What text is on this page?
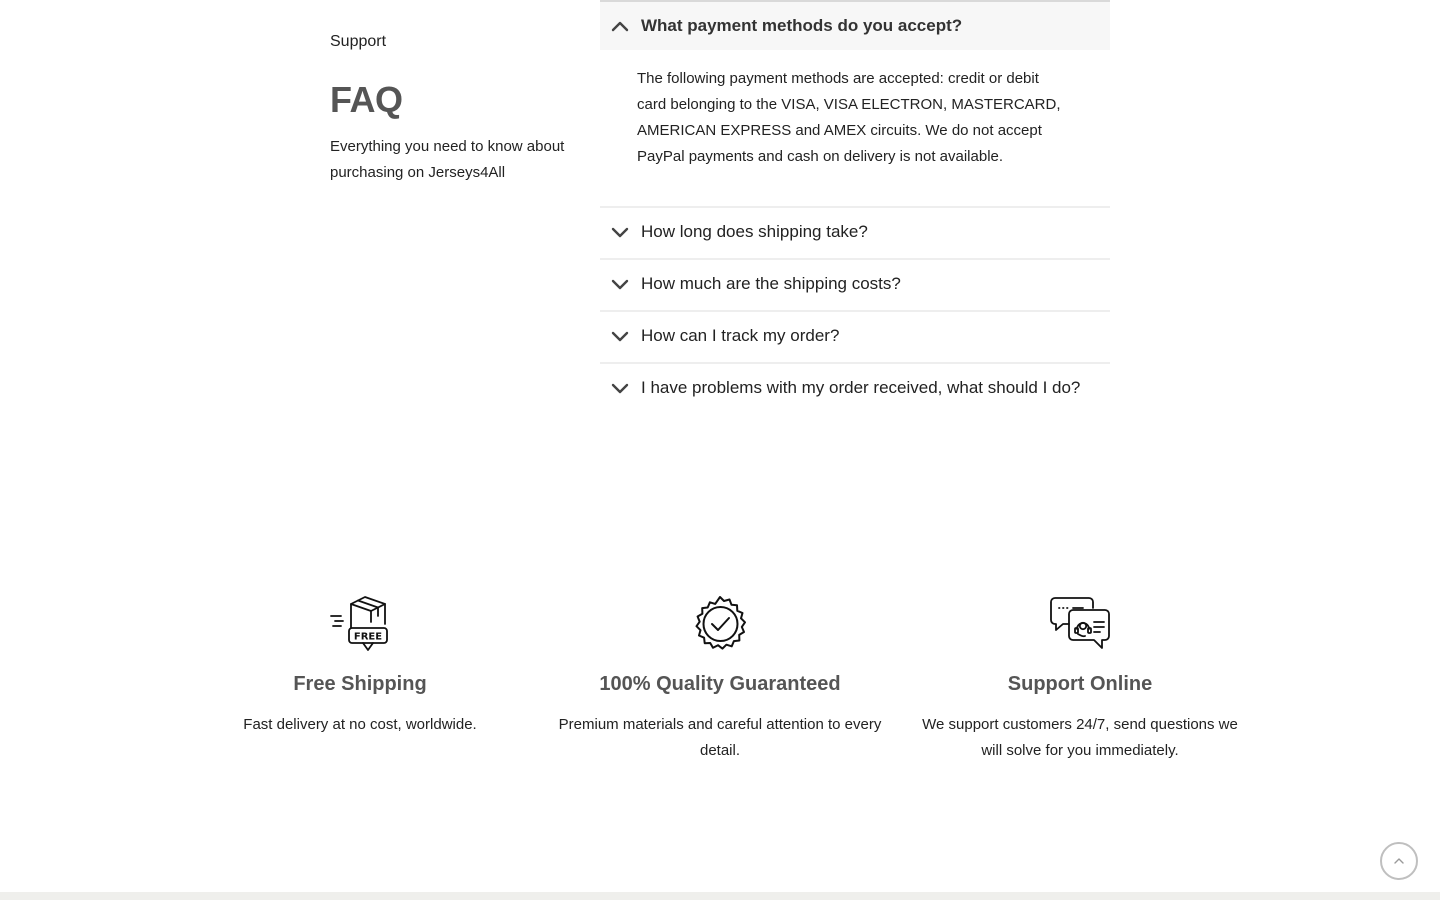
Support
FAQ

Everything you need to know about purchasing on Jerseys4All

What payment methods do you accept?
The following payment methods are accepted: credit or debit card belonging to the VISA, VISA ELECTRON, MASTERCARD, AMERICAN EXPRESS and AMEX circuits. We do not accept PayPal payments and cash on delivery is not available.
How long does shipping take?
How much are the shipping costs?
How can I track my order?
I have problems with my order received, what should I do?
FREE
Free Shipping

Fast delivery at no cost, worldwide.

100% Quality Guaranteed

Premium materials and careful attention to every detail.

Support Online

We support customers 24/7, send questions we will solve for you immediately.
